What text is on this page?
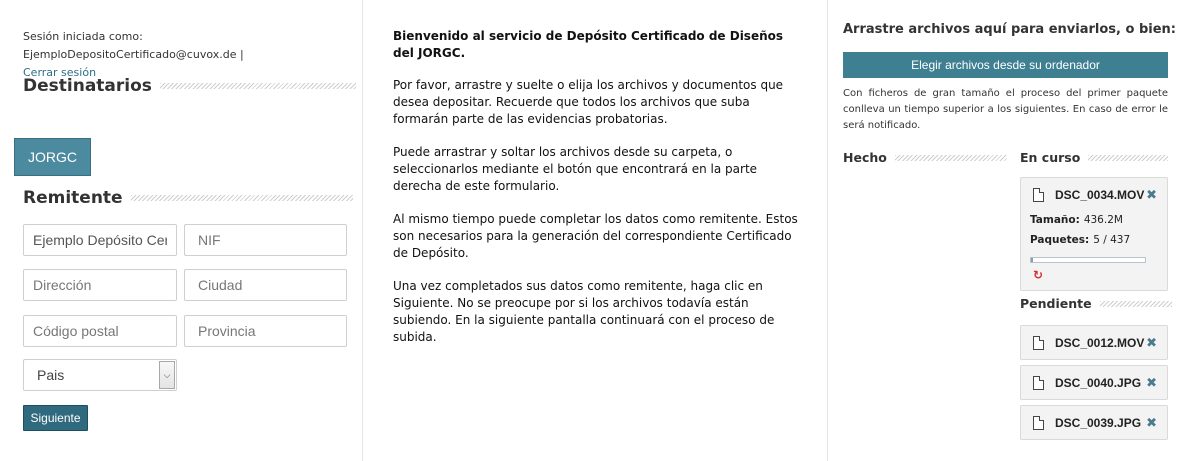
Sesión iniciada como: EjemploDepositoCertificado@cuvox.de |
Cerrar sesión
Destinatarios
JORGC
Remitente
Ejemplo Depósito Cer
NIF
Dirección
Ciudad
Código postal
Provincia
Pais	⌵
Siguiente

Bienvenido al servicio de Depósito Certificado de Diseños del JORGC.

Por favor, arrastre y suelte o elija los archivos y documentos que desea depositar. Recuerde que todos los archivos que suba formarán parte de las evidencias probatorias.

Puede arrastrar y soltar los archivos desde su carpeta, o seleccionarlos mediante el botón que encontrará en la parte derecha de este formulario.

Al mismo tiempo puede completar los datos como remitente. Estos son necesarios para la generación del correspondiente Certificado de Depósito.

Una vez completados sus datos como remitente, haga clic en Siguiente. No se preocupe por si los archivos todavía están subiendo. En la siguiente pantalla continuará con el proceso de subida.

Arrastre archivos aquí para enviarlos, o bien:
Elegir archivos desde su ordenador
Con ficheros de gran tamaño el proceso del primer paquete conlleva un tiempo superior a los siguientes. En caso de error le será notificado.
Hecho	En curso
DSC_0034.MOV ✖
Tamaño: 436.2M
Paquetes: 5 / 437
↻
Pendiente
DSC_0012.MOV ✖
DSC_0040.JPG ✖
DSC_0039.JPG ✖
